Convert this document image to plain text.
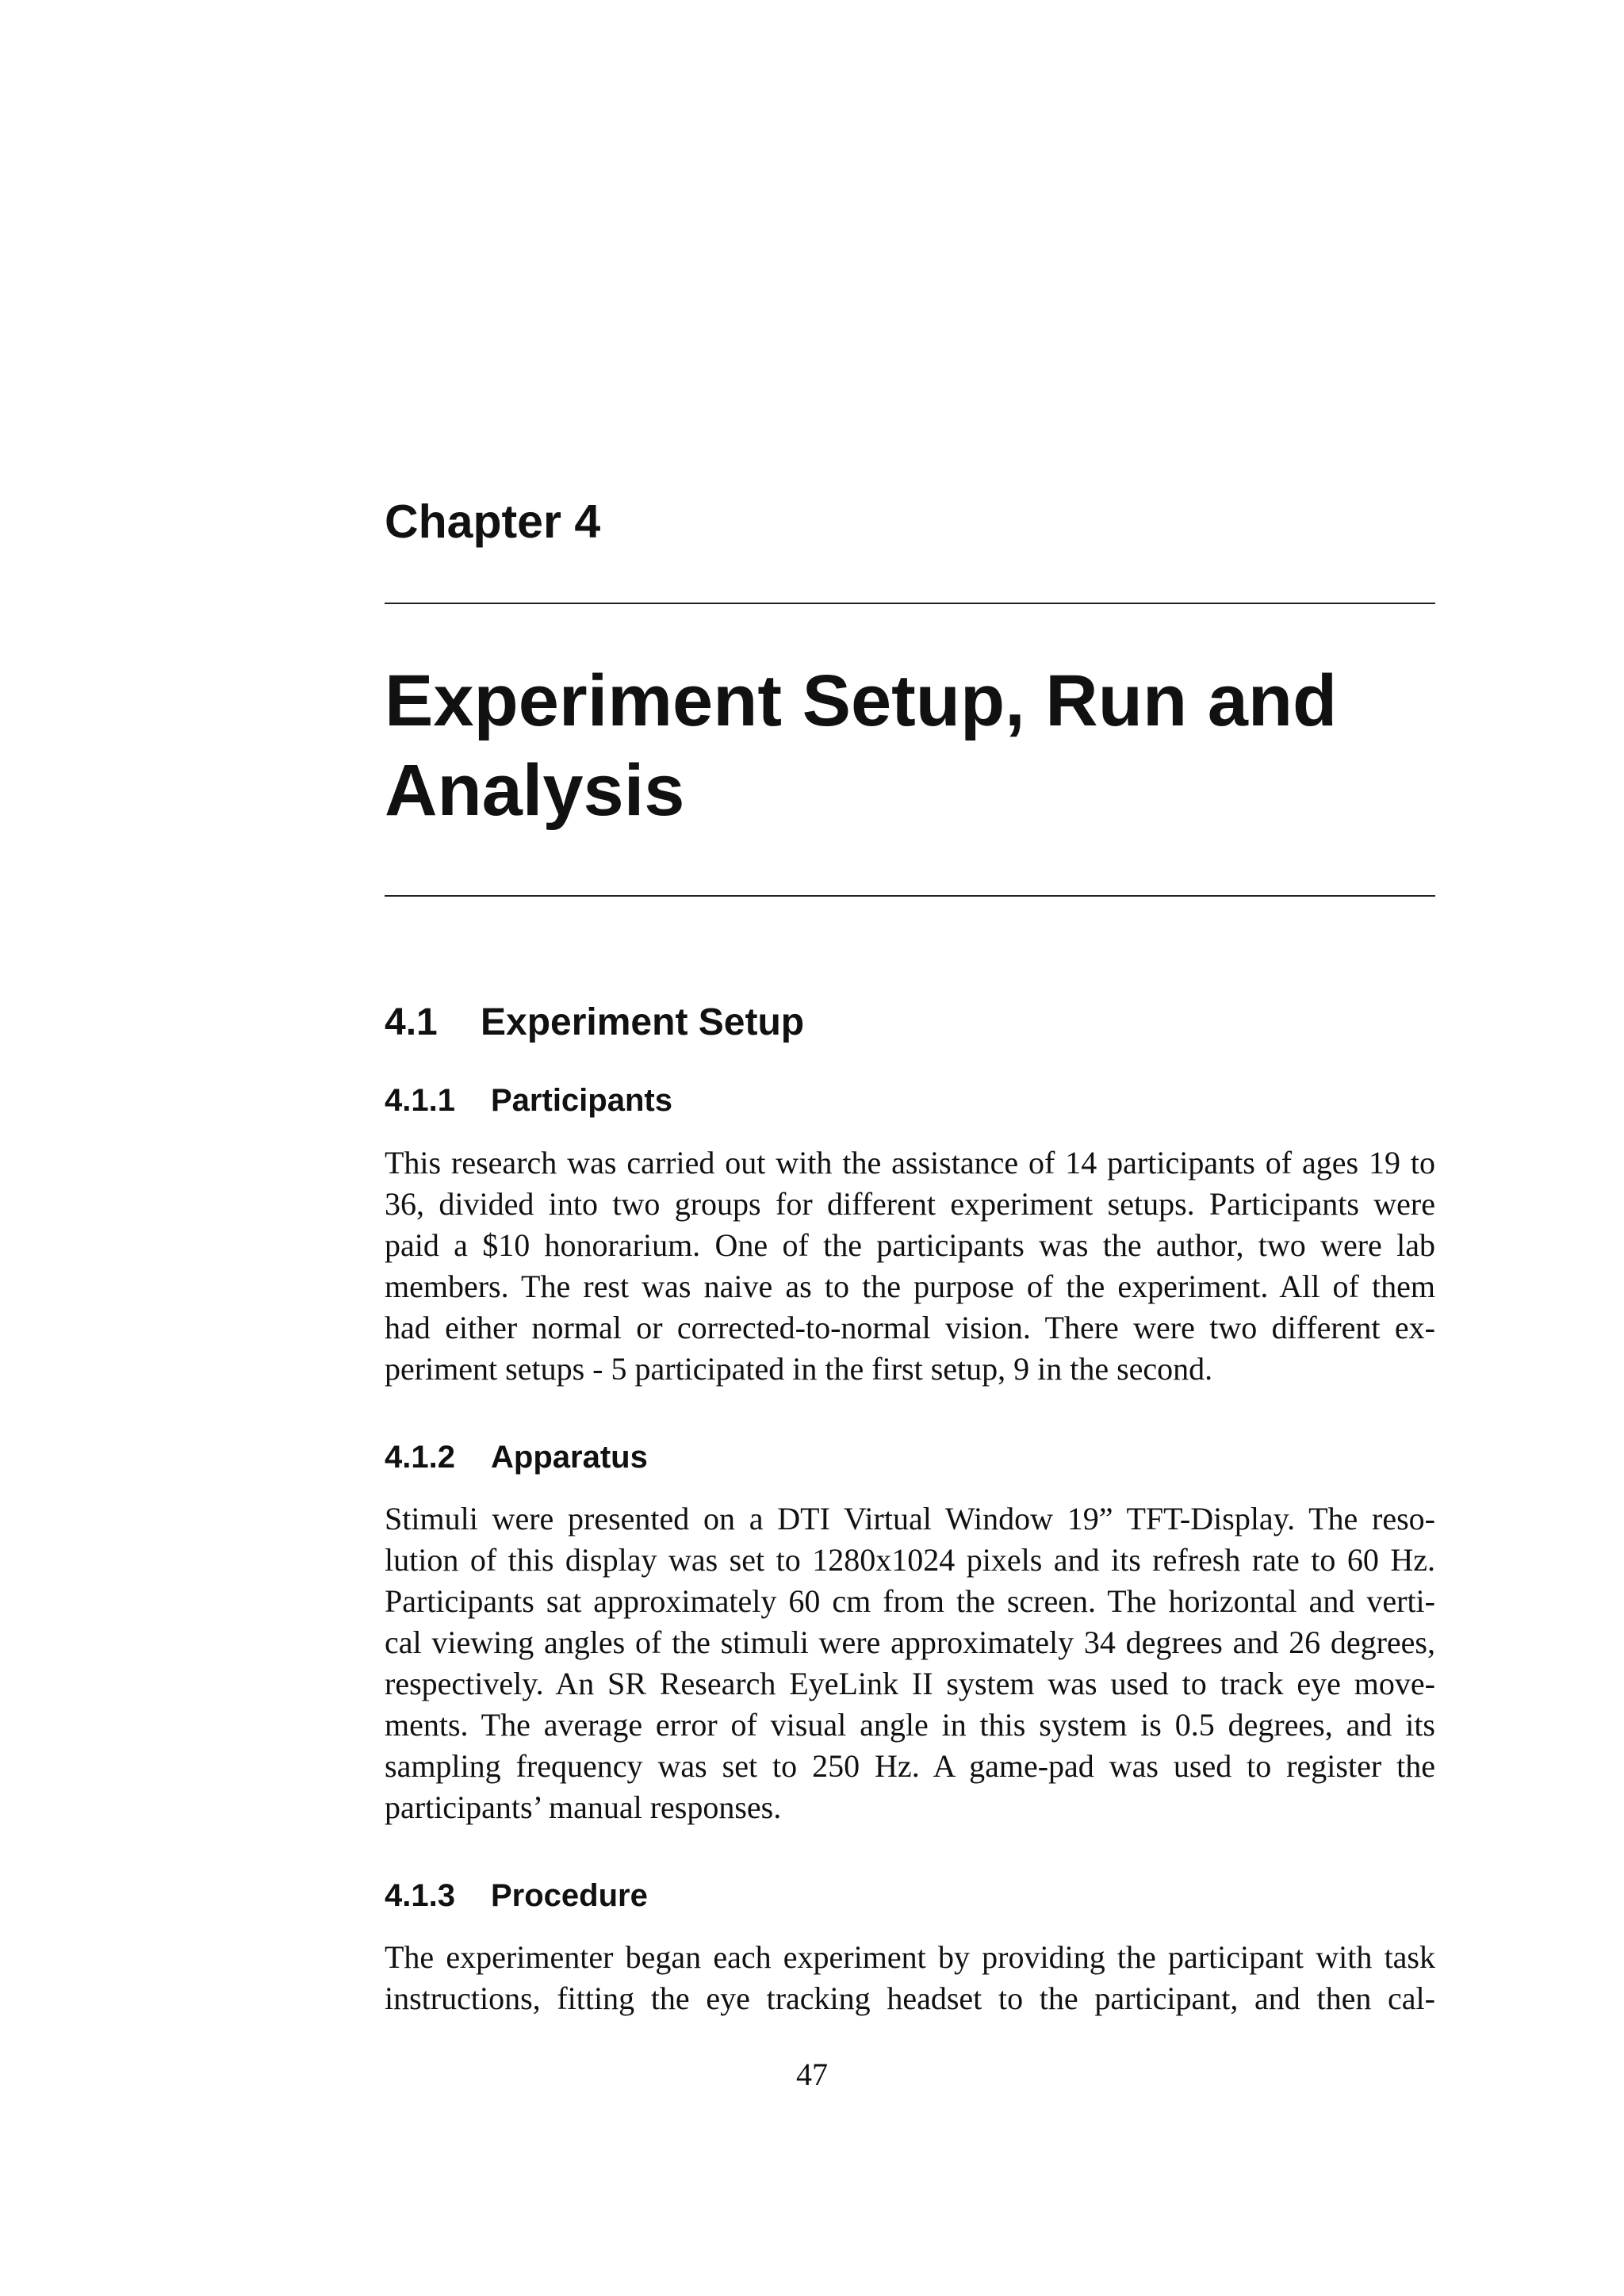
Chapter 4
Experiment Setup, Run and
Analysis
4.1 Experiment Setup
4.1.1 Participants

This research was carried out with the assistance of 14 participants of ages 19 to
36, divided into two groups for different experiment setups. Participants were
paid a $10 honorarium. One of the participants was the author, two were lab
members. The rest was naive as to the purpose of the experiment. All of them
had either normal or corrected-to-normal vision. There were two different ex-
periment setups - 5 participated in the first setup, 9 in the second.

4.1.2 Apparatus

Stimuli were presented on a DTI Virtual Window 19” TFT-Display. The reso-
lution of this display was set to 1280x1024 pixels and its refresh rate to 60 Hz.
Participants sat approximately 60 cm from the screen. The horizontal and verti-
cal viewing angles of the stimuli were approximately 34 degrees and 26 degrees,
respectively. An SR Research EyeLink II system was used to track eye move-
ments. The average error of visual angle in this system is 0.5 degrees, and its
sampling frequency was set to 250 Hz. A game-pad was used to register the
participants’ manual responses.

4.1.3 Procedure

The experimenter began each experiment by providing the participant with task
instructions, fitting the eye tracking headset to the participant, and then cal-

47
